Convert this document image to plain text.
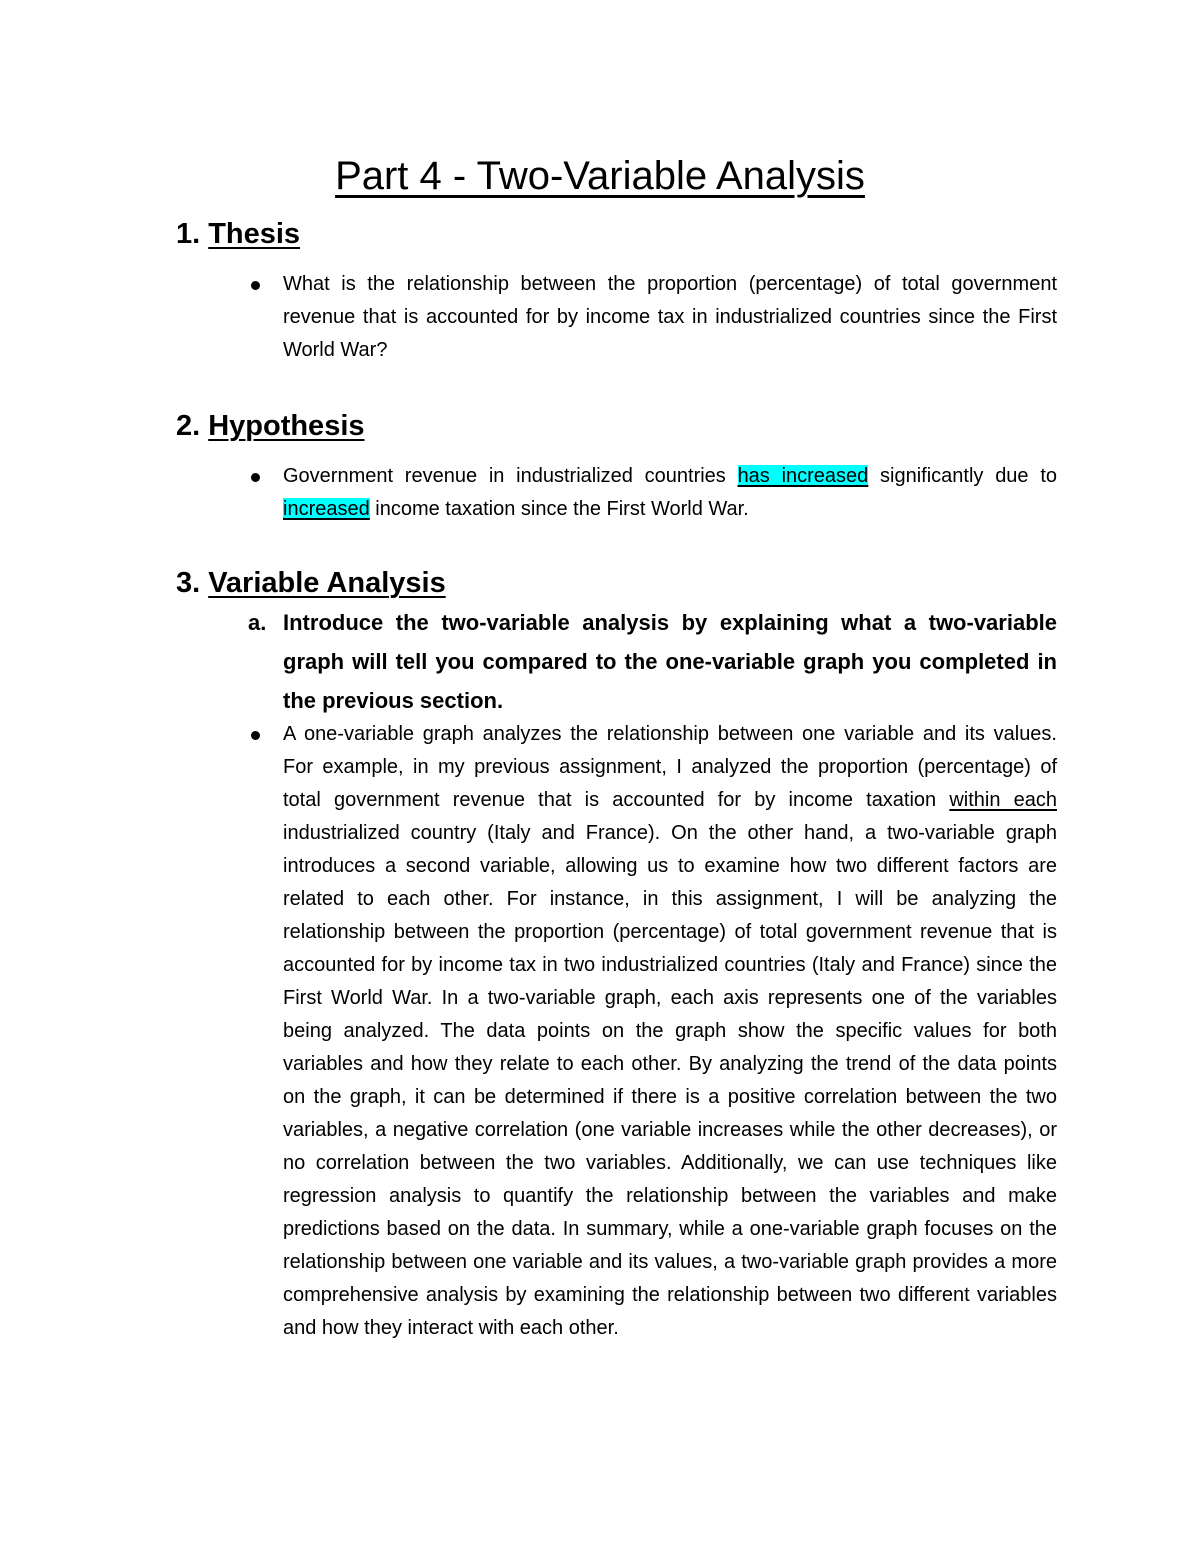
Part 4 - Two-Variable Analysis
1. Thesis

What is the relationship between the proportion (percentage) of total government revenue that is accounted for by income tax in industrialized countries since the First World War?

2. Hypothesis

Government revenue in industrialized countries has increased significantly due to increased income taxation since the First World War.

3. Variable Analysis
a. Introduce the two-variable analysis by explaining what a two-variable graph will tell you compared to the one-variable graph you completed in the previous section.

A one-variable graph analyzes the relationship between one variable and its values. For example, in my previous assignment, I analyzed the proportion (percentage) of total government revenue that is accounted for by income taxation within each industrialized country (Italy and France). On the other hand, a two-variable graph introduces a second variable, allowing us to examine how two different factors are related to each other. For instance, in this assignment, I will be analyzing the relationship between the proportion (percentage) of total government revenue that is accounted for by income tax in two industrialized countries (Italy and France) since the First World War. In a two-variable graph, each axis represents one of the variables being analyzed. The data points on the graph show the specific values for both variables and how they relate to each other. By analyzing the trend of the data points on the graph, it can be determined if there is a positive correlation between the two variables, a negative correlation (one variable increases while the other decreases), or no correlation between the two variables. Additionally, we can use techniques like regression analysis to quantify the relationship between the variables and make predictions based on the data. In summary, while a one-variable graph focuses on the relationship between one variable and its values, a two-variable graph provides a more comprehensive analysis by examining the relationship between two different variables and how they interact with each other.
